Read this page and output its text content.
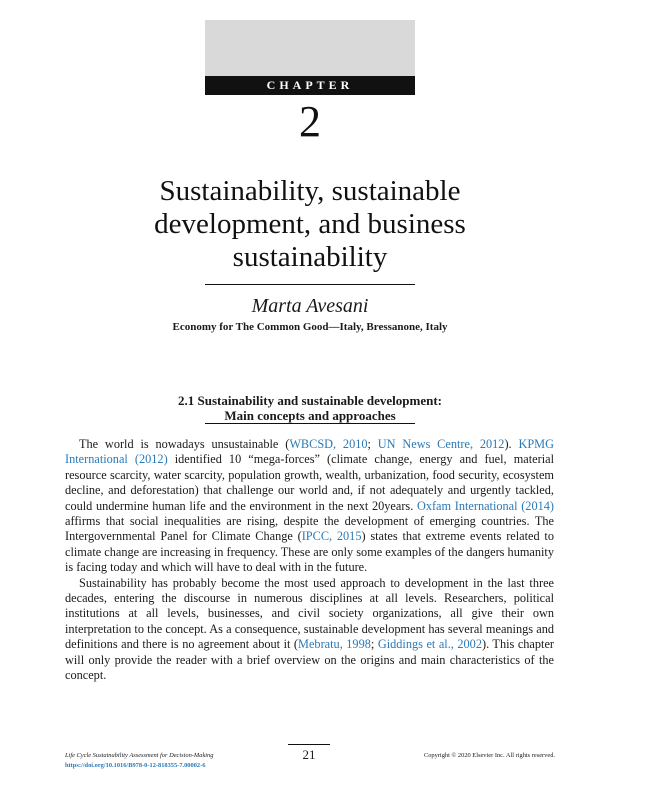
CHAPTER
2
Sustainability, sustainable
development, and business
sustainability
Marta Avesani
Economy for The Common Good—Italy, Bressanone, Italy
2.1 Sustainability and sustainable development:
Main concepts and approaches

The world is nowadays unsustainable (WBCSD, 2010; UN News Centre, 2012). KPMG International (2012) identified 10 “mega-forces” (climate change, energy and fuel, material resource scarcity, water scarcity, population growth, wealth, urbanization, food security, ecosystem decline, and deforestation) that challenge our world and, if not adequately and urgently tackled, could undermine human life and the environment in the next 20years. Oxfam International (2014) affirms that social inequalities are rising, despite the development of emerging countries. The Intergovernmental Panel for Climate Change (IPCC, 2015) states that extreme events related to climate change are increasing in frequency. These are only some examples of the dangers humanity is facing today and which will have to deal with in the future.

Sustainability has probably become the most used approach to development in the last three decades, entering the discourse in numerous disciplines at all levels. Researchers, political institutions at all levels, businesses, and civil society organizations, all give their own interpretation to the concept. As a consequence, sustainable development has several meanings and definitions and there is no agreement about it (Mebratu, 1998; Giddings et al., 2002). This chapter will only provide the reader with a brief overview on the origins and main characteristics of the concept.

21
Life Cycle Sustainability Assessment for Decision-Making
https://doi.org/10.1016/B978-0-12-818355-7.00002-6
Copyright © 2020 Elsevier Inc. All rights reserved.
